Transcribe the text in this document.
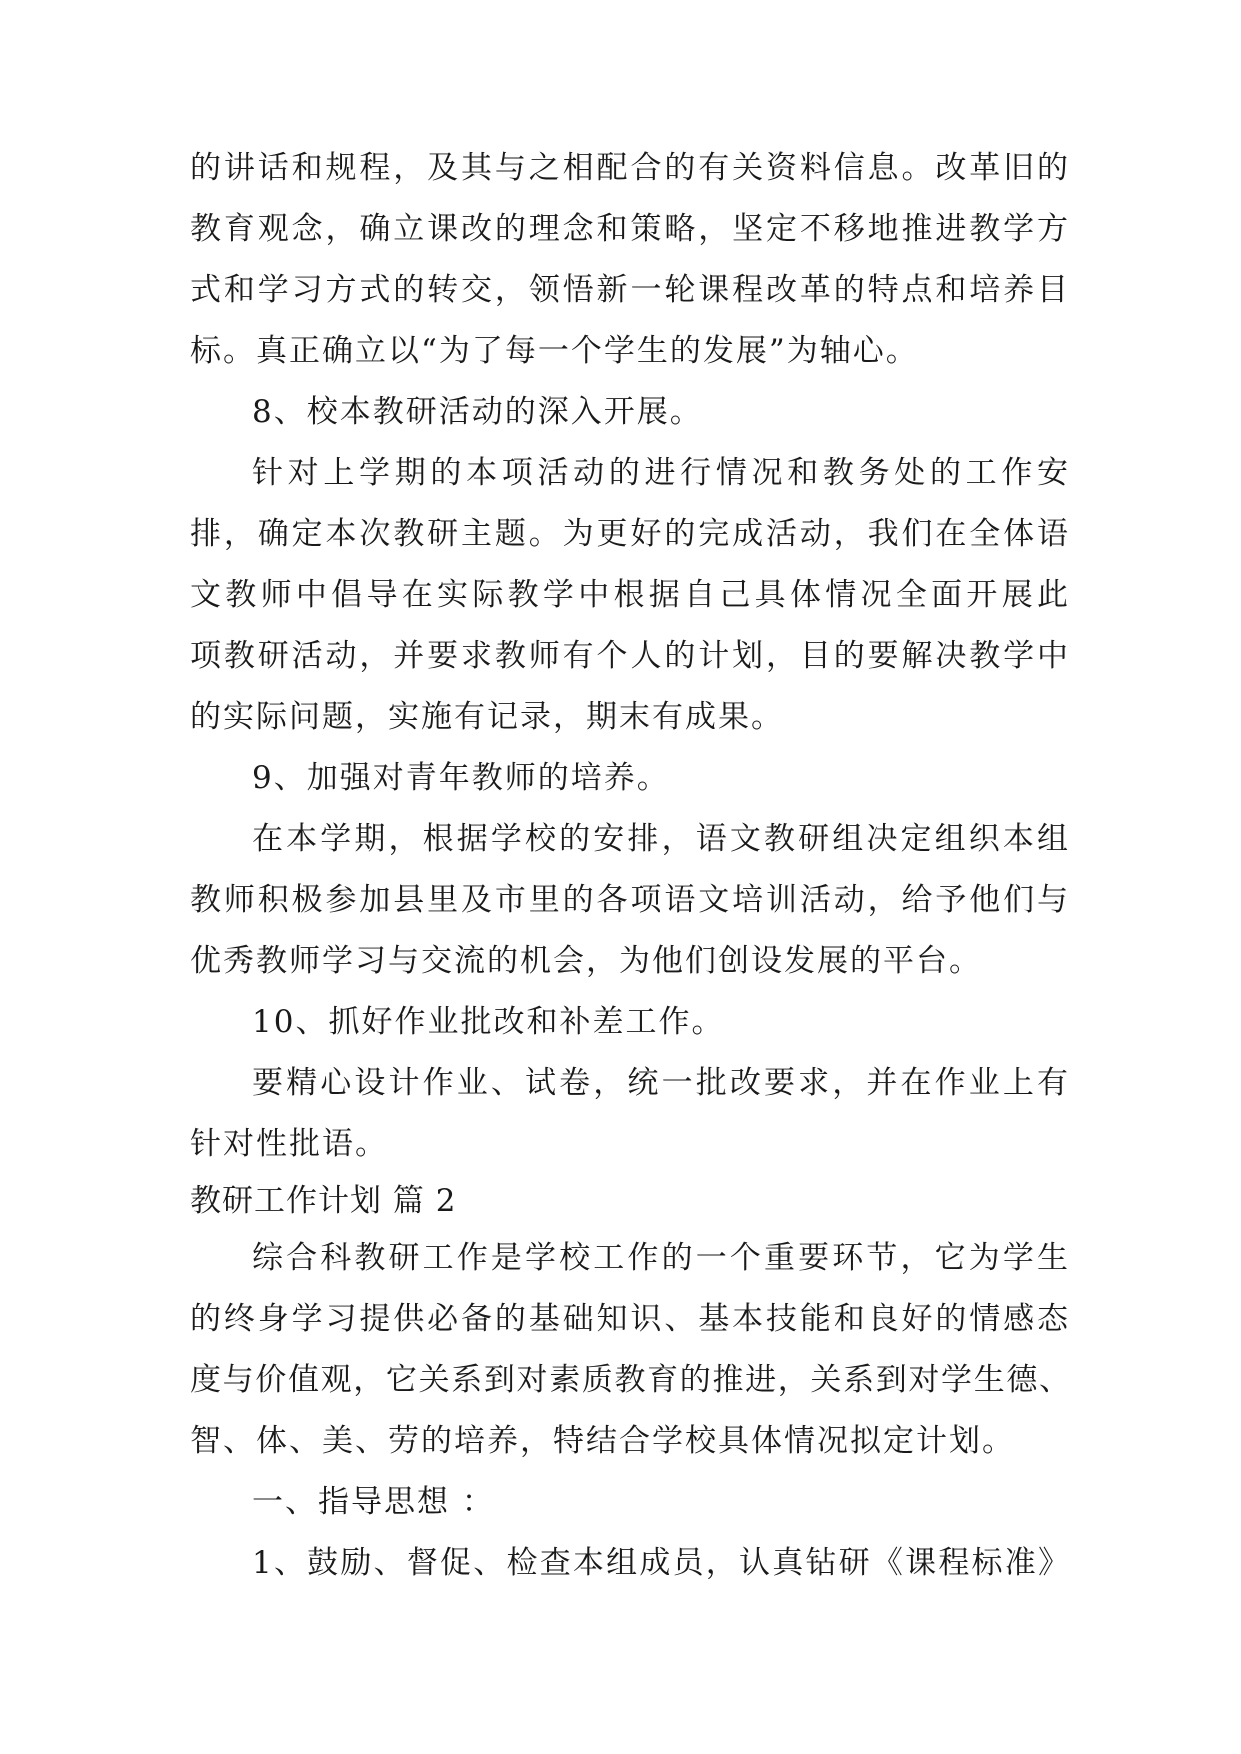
的讲话和规程，及其与之相配合的有关资料信息。改革旧的
教育观念，确立课改的理念和策略，坚定不移地推进教学方
式和学习方式的转交，领悟新一轮课程改革的特点和培养目
标。真正确立以“为了每一个学生的发展”为轴心。
8、校本教研活动的深入开展。
针对上学期的本项活动的进行情况和教务处的工作安
排，确定本次教研主题。为更好的完成活动，我们在全体语
文教师中倡导在实际教学中根据自己具体情况全面开展此
项教研活动，并要求教师有个人的计划，目的要解决教学中
的实际问题，实施有记录，期末有成果。
9、加强对青年教师的培养。
在本学期，根据学校的安排，语文教研组决定组织本组
教师积极参加县里及市里的各项语文培训活动，给予他们与
优秀教师学习与交流的机会，为他们创设发展的平台。
10、抓好作业批改和补差工作。
要精心设计作业、试卷，统一批改要求，并在作业上有
针对性批语。
教研工作计划 篇 2
综合科教研工作是学校工作的一个重要环节，它为学生
的终身学习提供必备的基础知识、基本技能和良好的情感态
度与价值观，它关系到对素质教育的推进，关系到对学生德、
智、体、美、劳的培养，特结合学校具体情况拟定计划。
一、指导思想 ：
1、鼓励、督促、检查本组成员，认真钻研《课程标准》
